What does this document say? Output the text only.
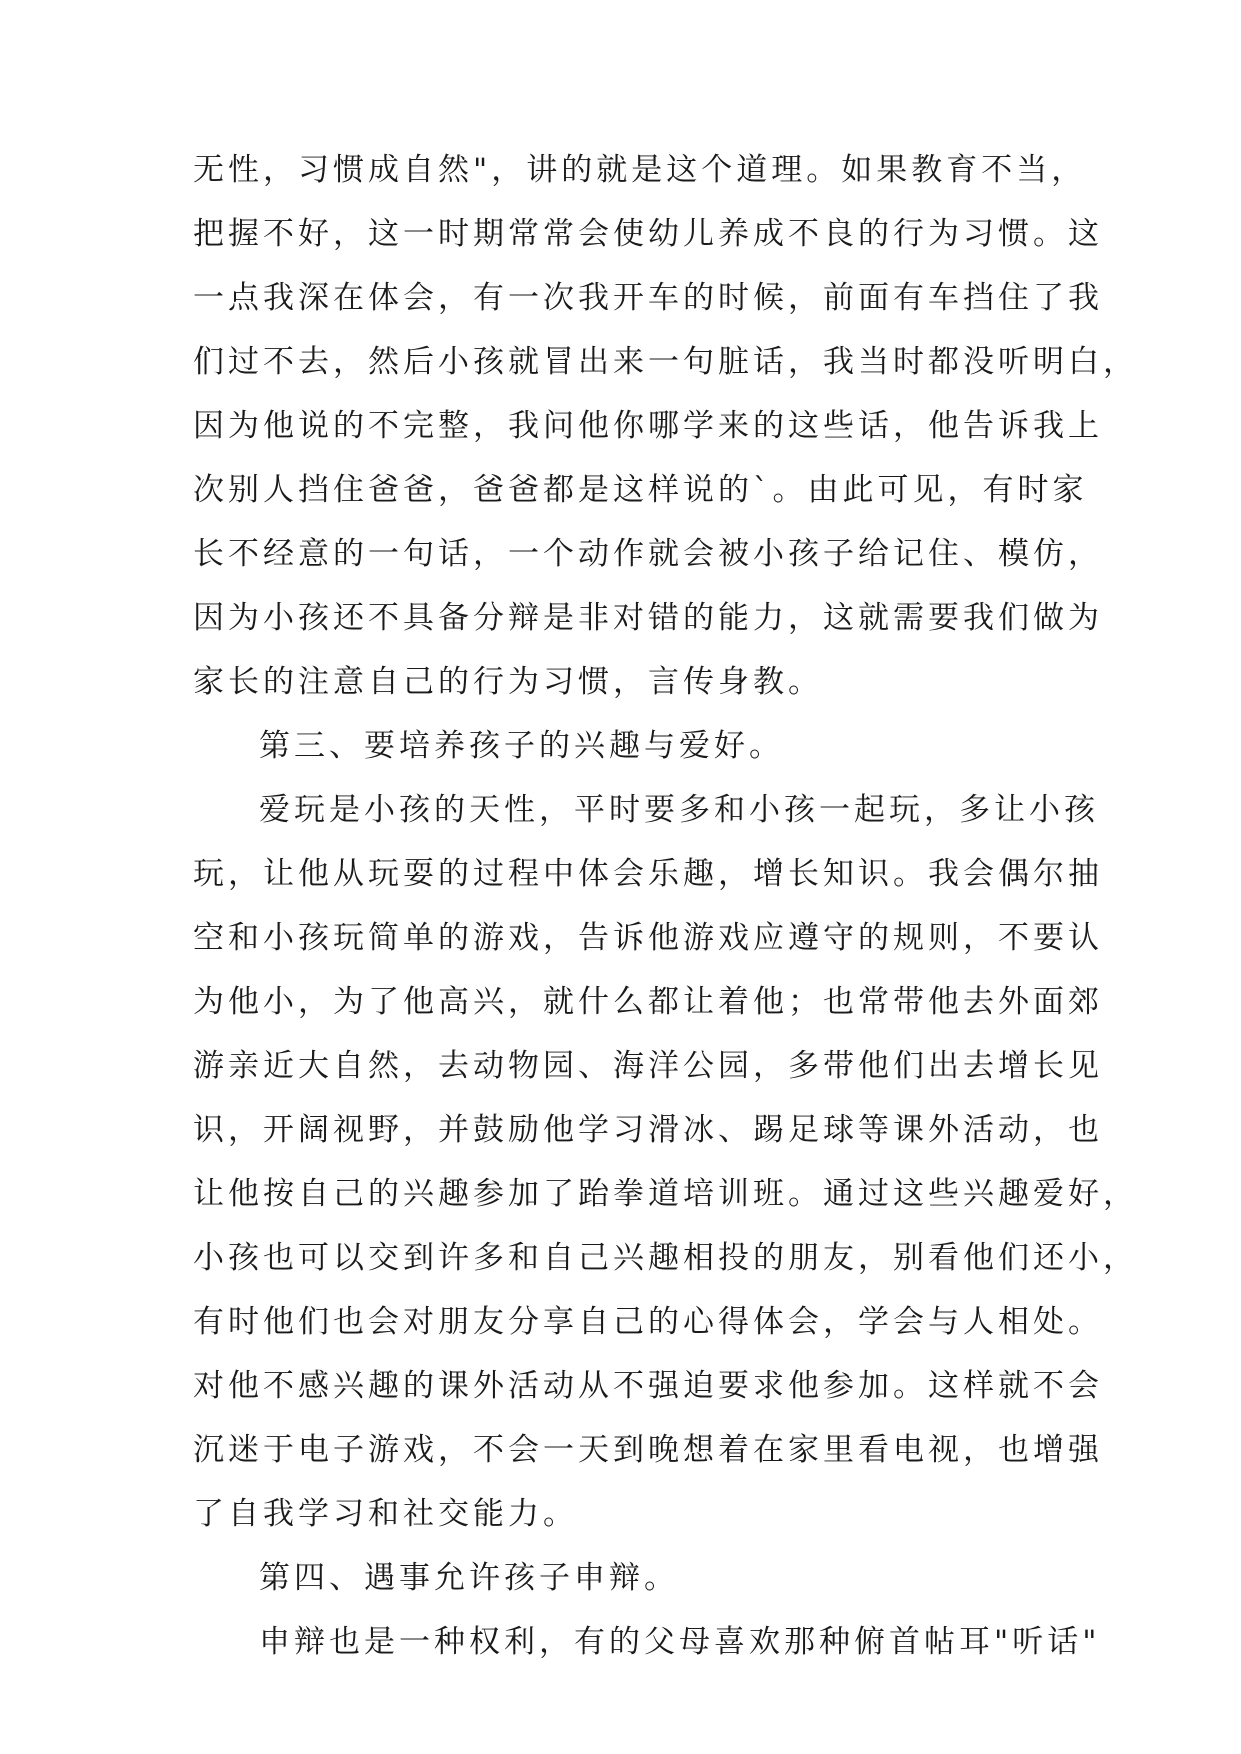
无性，习惯成自然"，讲的就是这个道理。如果教育不当，
把握不好，这一时期常常会使幼儿养成不良的行为习惯。这
一点我深在体会，有一次我开车的时候，前面有车挡住了我
们过不去，然后小孩就冒出来一句脏话，我当时都没听明白，
因为他说的不完整，我问他你哪学来的这些话，他告诉我上
次别人挡住爸爸，爸爸都是这样说的`。由此可见，有时家
长不经意的一句话，一个动作就会被小孩子给记住、模仿，
因为小孩还不具备分辩是非对错的能力，这就需要我们做为
家长的注意自己的行为习惯，言传身教。
第三、要培养孩子的兴趣与爱好。
爱玩是小孩的天性，平时要多和小孩一起玩，多让小孩
玩，让他从玩耍的过程中体会乐趣，增长知识。我会偶尔抽
空和小孩玩简单的游戏，告诉他游戏应遵守的规则，不要认
为他小，为了他高兴，就什么都让着他；也常带他去外面郊
游亲近大自然，去动物园、海洋公园，多带他们出去增长见
识，开阔视野，并鼓励他学习滑冰、踢足球等课外活动，也
让他按自己的兴趣参加了跆拳道培训班。通过这些兴趣爱好，
小孩也可以交到许多和自己兴趣相投的朋友，别看他们还小，
有时他们也会对朋友分享自己的心得体会，学会与人相处。
对他不感兴趣的课外活动从不强迫要求他参加。这样就不会
沉迷于电子游戏，不会一天到晚想着在家里看电视，也增强
了自我学习和社交能力。
第四、遇事允许孩子申辩。
申辩也是一种权利，有的父母喜欢那种俯首帖耳"听话"
